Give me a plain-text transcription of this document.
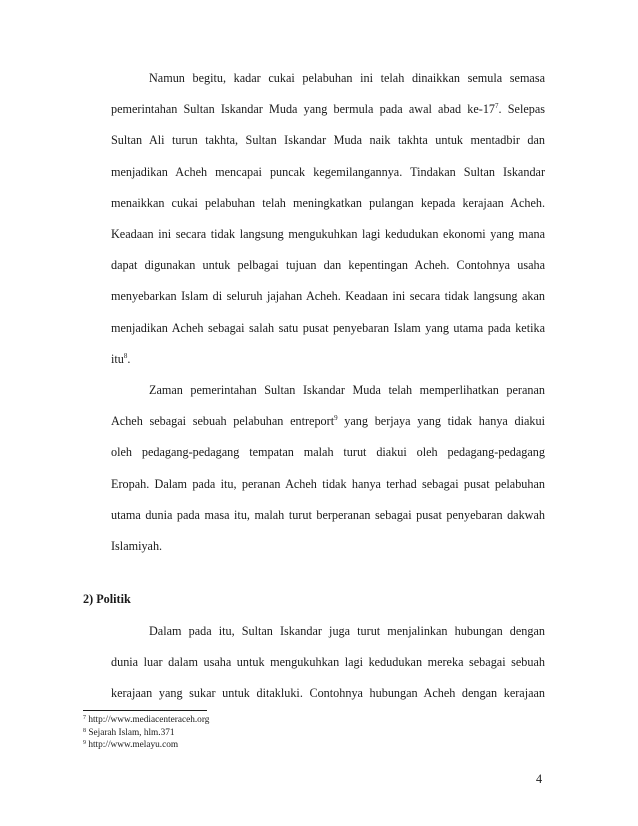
Namun begitu, kadar cukai pelabuhan ini telah dinaikkan semula semasa
pemerintahan Sultan Iskandar Muda yang bermula pada awal abad $ke-17^7$. Selepas
Sultan Ali turun takhta, Sultan Iskandar Muda naik takhta untuk mentadbir dan
menjadikan Acheh mencapai puncak kegemilangannya. Tindakan Sultan Iskandar
menaikkan cukai pelabuhan telah meningkatkan pulangan kepada kerajaan Acheh.
Keadaan ini secara tidak langsung mengukuhkan lagi kedudukan ekonomi yang mana
dapat digunakan untuk pelbagai tujuan dan kepentingan Acheh. Contohnya usaha
menyebarkan Islam di seluruh jajahan Acheh. Keadaan ini secara tidak langsung akan
menjadikan Acheh sebagai salah satu pusat penyebaran Islam yang utama pada ketika
itu$^8$.
Zaman pemerintahan Sultan Iskandar Muda telah memperlihatkan peranan
Acheh sebagai sebuah pelabuhan entreport$^9$ yang berjaya yang tidak hanya diakui
oleh pedagang-pedagang tempatan malah turut diakui oleh pedagang-pedagang
Eropah. Dalam pada itu, peranan Acheh tidak hanya terhad sebagai pusat pelabuhan
utama dunia pada masa itu, malah turut berperanan sebagai pusat penyebaran dakwah
Islamiyah.

2) Politik

Dalam pada itu, Sultan Iskandar juga turut menjalinkan hubungan dengan
dunia luar dalam usaha untuk mengukuhkan lagi kedudukan mereka sebagai sebuah
kerajaan yang sukar untuk ditakluki. Contohnya hubungan Acheh dengan kerajaan
$^7$ http://www.mediacenteraceh.org
$^8$ Sejarah Islam, hlm.371
$^9$ http://www.melayu.com
4
